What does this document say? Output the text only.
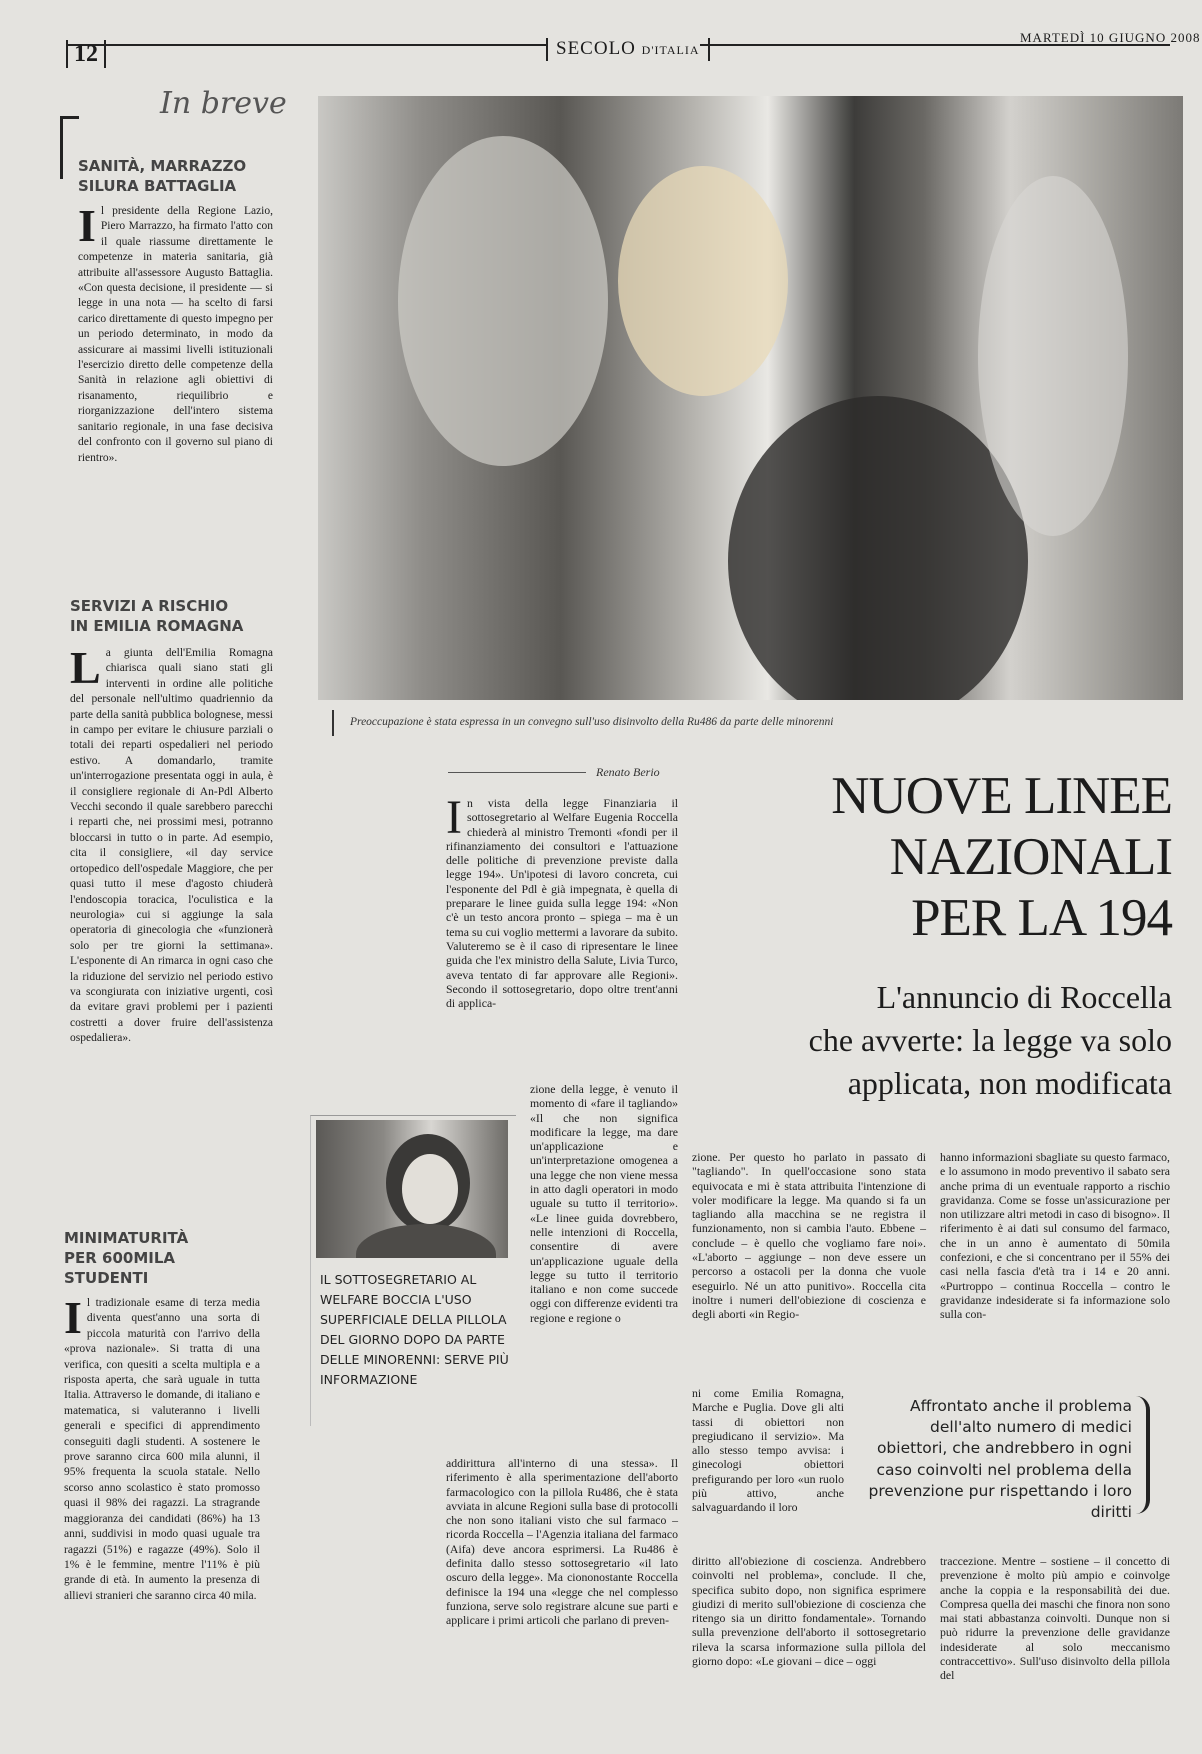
12	SECOLO D'ITALIA
MARTEDÌ 10 GIUGNO 2008
In breve
SANITÀ, MARRAZZO
SILURA BATTAGLIA
Il presidente della Regione Lazio, Piero Marrazzo, ha firmato l'atto con il quale riassume direttamente le competenze in materia sanitaria, già attribuite all'assessore Augusto Battaglia. «Con questa decisione, il presidente — si legge in una nota — ha scelto di farsi carico direttamente di questo impegno per un periodo determinato, in modo da assicurare ai massimi livelli istituzionali l'esercizio diretto delle competenze della Sanità in relazione agli obiettivi di risanamento, riequilibrio e riorganizzazione dell'intero sistema sanitario regionale, in una fase decisiva del confronto con il governo sul piano di rientro».
SERVIZI A RISCHIO
IN EMILIA ROMAGNA
La giunta dell'Emilia Romagna chiarisca quali siano stati gli interventi in ordine alle politiche del personale nell'ultimo quadriennio da parte della sanità pubblica bolognese, messi in campo per evitare le chiusure parziali o totali dei reparti ospedalieri nel periodo estivo. A domandarlo, tramite un'interrogazione presentata oggi in aula, è il consigliere regionale di An-Pdl Alberto Vecchi secondo il quale sarebbero parecchi i reparti che, nei prossimi mesi, potranno bloccarsi in tutto o in parte. Ad esempio, cita il consigliere, «il day service ortopedico dell'ospedale Maggiore, che per quasi tutto il mese d'agosto chiuderà l'endoscopia toracica, l'oculistica e la neurologia» cui si aggiunge la sala operatoria di ginecologia che «funzionerà solo per tre giorni la settimana». L'esponente di An rimarca in ogni caso che la riduzione del servizio nel periodo estivo va scongiurata con iniziative urgenti, così da evitare gravi problemi per i pazienti costretti a dover fruire dell'assistenza ospedaliera».
MINIMATURITÀ
PER 600MILA STUDENTI
Il tradizionale esame di terza media diventa quest'anno una sorta di piccola maturità con l'arrivo della «prova nazionale». Si tratta di una verifica, con quesiti a scelta multipla e a risposta aperta, che sarà uguale in tutta Italia. Attraverso le domande, di italiano e matematica, si valuteranno i livelli generali e specifici di apprendimento conseguiti dagli studenti. A sostenere le prove saranno circa 600 mila alunni, il 95% frequenta la scuola statale. Nello scorso anno scolastico è stato promosso quasi il 98% dei ragazzi. La stragrande maggioranza dei candidati (86%) ha 13 anni, suddivisi in modo quasi uguale tra ragazzi (51%) e ragazze (49%). Solo il 1% è le femmine, mentre l'11% è più grande di età. In aumento la presenza di allievi stranieri che saranno circa 40 mila.
Preoccupazione è stata espressa in un convegno sull'uso disinvolto della Ru486 da parte delle minorenni
Renato Berio	NUOVE LINEE
NAZIONALI
PER LA 194
L'annuncio di Roccella
che avverte: la legge va solo
applicata, non modificata
In vista della legge Finanziaria il sottosegretario al Welfare Eugenia Roccella chiederà al ministro Tremonti «fondi per il rifinanziamento dei consultori e l'attuazione delle politiche di prevenzione previste dalla legge 194». Un'ipotesi di lavoro concreta, cui l'esponente del Pdl è già impegnata, è quella di preparare le linee guida sulla legge 194: «Non c'è un testo ancora pronto – spiega – ma è un tema su cui voglio mettermi a lavorare da subito. Valuteremo se è il caso di ripresentare le linee guida che l'ex ministro della Salute, Livia Turco, aveva tentato di far approvare alle Regioni». Secondo il sottosegretario, dopo oltre trent'anni di applica-
zione della legge, è venuto il momento di «fare il tagliando» «Il che non significa modificare la legge, ma dare un'applicazione e un'interpretazione omogenea a una legge che non viene messa in atto dagli operatori in modo uguale su tutto il territorio». «Le linee guida dovrebbero, nelle intenzioni di Roccella, consentire di avere un'applicazione uguale della legge su tutto il territorio italiano e non come succede oggi con differenze evidenti tra regione e regione o
addirittura all'interno di una stessa». Il riferimento è alla sperimentazione dell'aborto farmacologico con la pillola Ru486, che è stata avviata in alcune Regioni sulla base di protocolli che non sono italiani visto che sul farmaco – ricorda Roccella – l'Agenzia italiana del farmaco (Aifa) deve ancora esprimersi. La Ru486 è definita dallo stesso sottosegretario «il lato oscuro della legge». Ma ciononostante Roccella definisce la 194 una «legge che nel complesso funziona, serve solo registrare alcune sue parti e applicare i primi articoli che parlano di preven-
IL SOTTOSEGRETARIO AL WELFARE BOCCIA L'USO SUPERFICIALE DELLA PILLOLA DEL GIORNO DOPO DA PARTE DELLE MINORENNI: SERVE PIÙ INFORMAZIONE
zione. Per questo ho parlato in passato di "tagliando". In quell'occasione sono stata equivocata e mi è stata attribuita l'intenzione di voler modificare la legge. Ma quando si fa un tagliando alla macchina se ne registra il funzionamento, non si cambia l'auto. Ebbene – conclude – è quello che vogliamo fare noi». «L'aborto – aggiunge – non deve essere un percorso a ostacoli per la donna che vuole eseguirlo. Né un atto punitivo». Roccella cita inoltre i numeri dell'obiezione di coscienza e degli aborti «in Regio-
ni come Emilia Romagna, Marche e Puglia. Dove gli alti tassi di obiettori non pregiudicano il servizio». Ma allo stesso tempo avvisa: i ginecologi obiettori prefigurando per loro «un ruolo più attivo, anche salvaguardando il loro
diritto all'obiezione di coscienza. Andrebbero coinvolti nel problema», conclude. Il che, specifica subito dopo, non significa esprimere giudizi di merito sull'obiezione di coscienza che ritengo sia un diritto fondamentale». Tornando sulla prevenzione dell'aborto il sottosegretario rileva la scarsa informazione sulla pillola del giorno dopo: «Le giovani – dice – oggi
hanno informazioni sbagliate su questo farmaco, e lo assumono in modo preventivo il sabato sera anche prima di un eventuale rapporto a rischio gravidanza. Come se fosse un'assicurazione per non utilizzare altri metodi in caso di bisogno». Il riferimento è ai dati sul consumo del farmaco, che in un anno è aumentato di 50mila confezioni, e che si concentrano per il 55% dei casi nella fascia d'età tra i 14 e 20 anni. «Purtroppo – continua Roccella – contro le gravidanze indesiderate si fa informazione solo sulla con-
Affrontato anche il problema dell'alto numero di medici obiettori, che andrebbero in ogni caso coinvolti nel problema della prevenzione pur rispettando i loro diritti
traccezione. Mentre – sostiene – il concetto di prevenzione è molto più ampio e coinvolge anche la coppia e la responsabilità dei due. Compresa quella dei maschi che finora non sono mai stati abbastanza coinvolti. Dunque non si può ridurre la prevenzione delle gravidanze indesiderate al solo meccanismo contraccettivo». Sull'uso disinvolto della pillola del
